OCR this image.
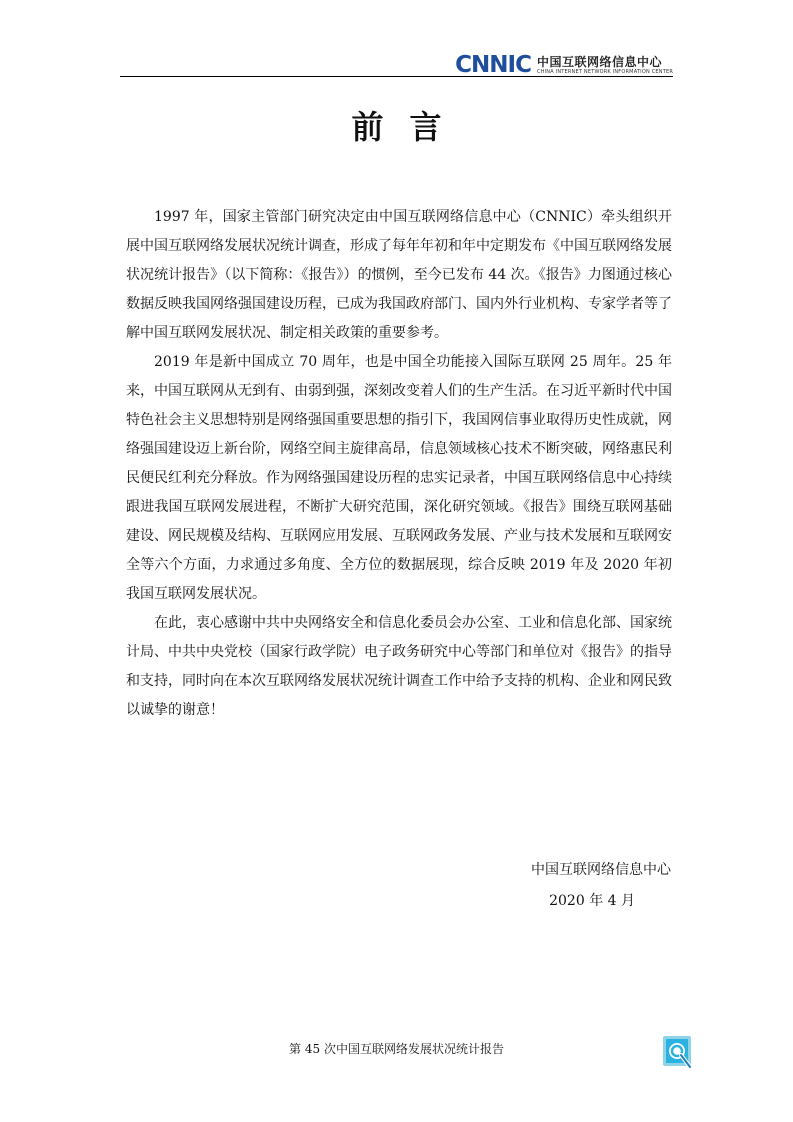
CNNIC 中国互联网络信息中心
CHINA INTERNET NETWORK INFORMATION CENTER
前言

1997 年，国家主管部门研究决定由中国互联网络信息中心（CNNIC）牵头组织开展中国互联网络发展状况统计调查，形成了每年年初和年中定期发布《中国互联网络发展状况统计报告》（以下简称：《报告》）的惯例，至今已发布 44 次。《报告》力图通过核心数据反映我国网络强国建设历程，已成为我国政府部门、国内外行业机构、专家学者等了解中国互联网发展状况、制定相关政策的重要参考。

2019 年是新中国成立 70 周年，也是中国全功能接入国际互联网 25 周年。25 年来，中国互联网从无到有、由弱到强，深刻改变着人们的生产生活。在习近平新时代中国特色社会主义思想特别是网络强国重要思想的指引下，我国网信事业取得历史性成就，网络强国建设迈上新台阶，网络空间主旋律高昂，信息领域核心技术不断突破，网络惠民利民便民红利充分释放。作为网络强国建设历程的忠实记录者，中国互联网络信息中心持续跟进我国互联网发展进程，不断扩大研究范围，深化研究领域。《报告》围绕互联网基础建设、网民规模及结构、互联网应用发展、互联网政务发展、产业与技术发展和互联网安全等六个方面，力求通过多角度、全方位的数据展现，综合反映 2019 年及 2020 年初我国互联网发展状况。

在此，衷心感谢中共中央网络安全和信息化委员会办公室、工业和信息化部、国家统计局、中共中央党校（国家行政学院）电子政务研究中心等部门和单位对《报告》的指导和支持，同时向在本次互联网络发展状况统计调查工作中给予支持的机构、企业和网民致以诚挚的谢意！

中国互联网络信息中心
2020 年 4 月
第 45 次中国互联网络发展状况统计报告
